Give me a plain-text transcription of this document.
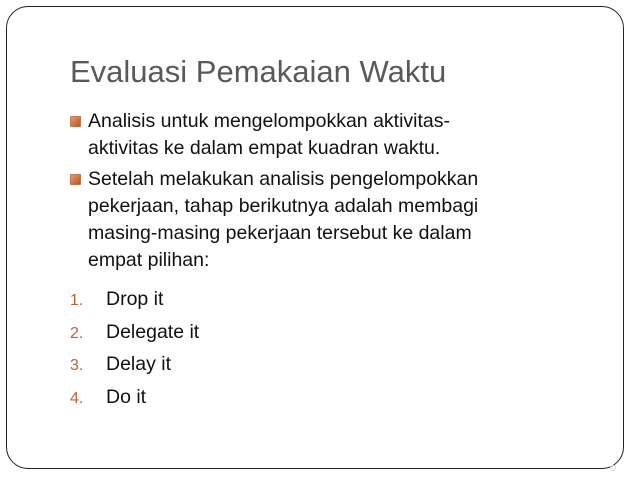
Evaluasi Pemakaian Waktu
Analisis untuk mengelompokkan aktivitas-
aktivitas ke dalam empat kuadran waktu.
Setelah melakukan analisis pengelompokkan
pekerjaan, tahap berikutnya adalah membagi
masing-masing pekerjaan tersebut ke dalam
empat pilihan:
1. Drop it
2. Delegate it
3. Delay it
4. Do it
